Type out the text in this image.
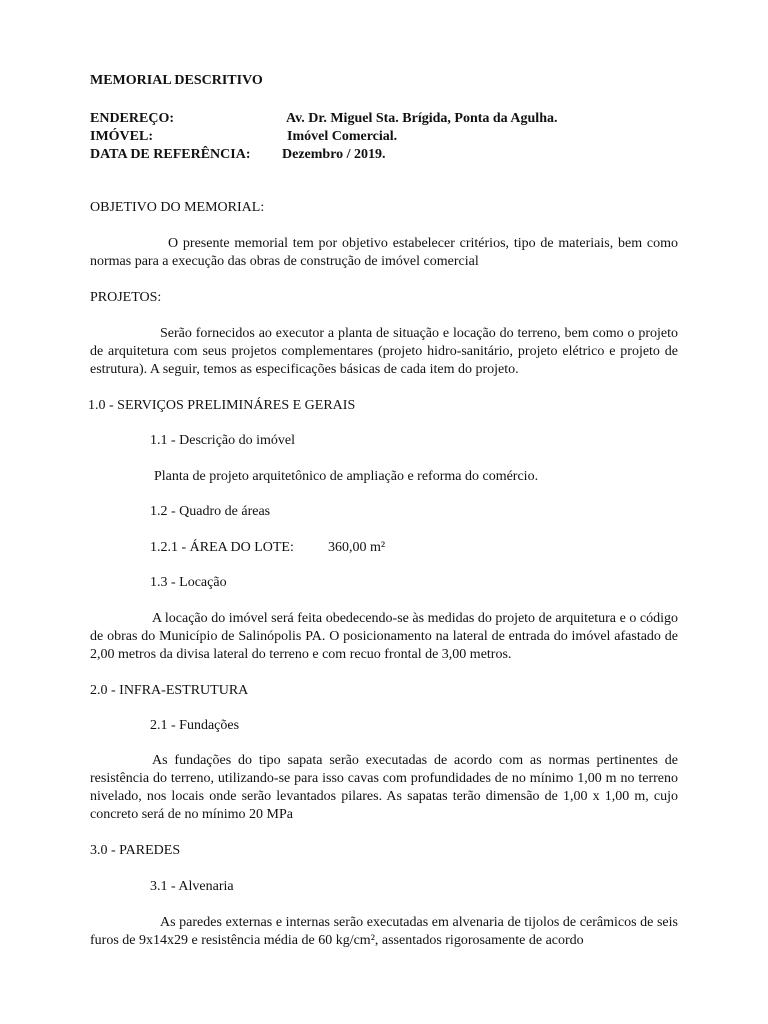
MEMORIAL DESCRITIVO
ENDEREÇO:	Av. Dr. Miguel Sta. Brígida, Ponta da Agulha.
IMÓVEL:	Imóvel Comercial.
DATA DE REFERÊNCIA: Dezembro / 2019.
OBJETIVO DO MEMORIAL:
O presente memorial tem por objetivo estabelecer critérios, tipo de materiais, bem como normas para a execução das obras de construção de imóvel comercial
PROJETOS:
Serão fornecidos ao executor a planta de situação e locação do terreno, bem como o projeto de arquitetura com seus projetos complementares (projeto hidro-sanitário, projeto elétrico e projeto de estrutura). A seguir, temos as especificações básicas de cada item do projeto.
1.0 - SERVIÇOS PRELIMINÁRES E GERAIS
1.1 - Descrição do imóvel
Planta de projeto arquitetônico de ampliação e reforma do comércio.
1.2 - Quadro de áreas
1.2.1 - ÁREA DO LOTE: 360,00 m²
1.3 - Locação
A locação do imóvel será feita obedecendo-se às medidas do projeto de arquitetura e o código de obras do Município de Salinópolis PA. O posicionamento na lateral de entrada do imóvel afastado de 2,00 metros da divisa lateral do terreno e com recuo frontal de 3,00 metros.
2.0 - INFRA-ESTRUTURA
2.1 - Fundações
As fundações do tipo sapata serão executadas de acordo com as normas pertinentes de resistência do terreno, utilizando-se para isso cavas com profundidades de no mínimo 1,00 m no terreno nivelado, nos locais onde serão levantados pilares. As sapatas terão dimensão de 1,00 x 1,00 m, cujo concreto será de no mínimo 20 MPa
3.0 - PAREDES
3.1 - Alvenaria
As paredes externas e internas serão executadas em alvenaria de tijolos de cerâmicos de seis furos de 9x14x29 e resistência média de 60 kg/cm², assentados rigorosamente de acordo
